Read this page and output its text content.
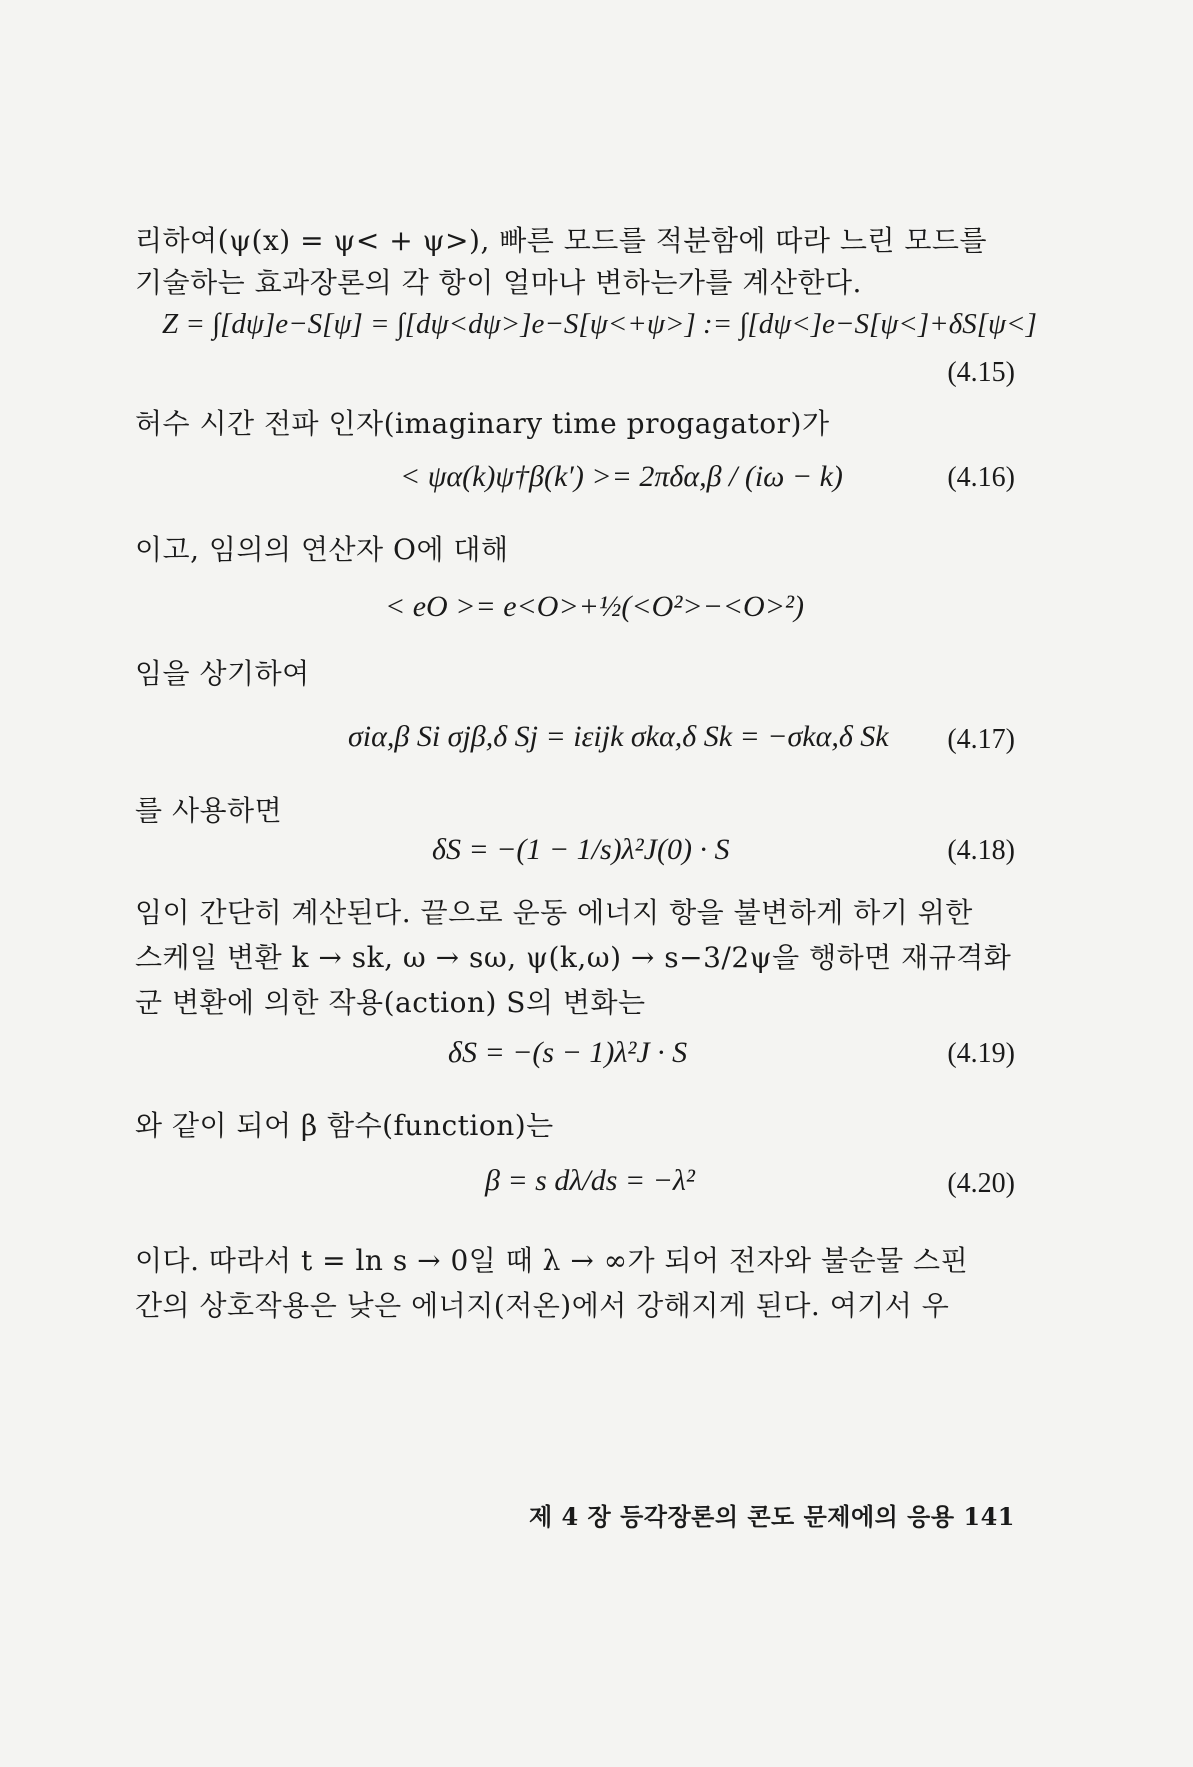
리하여(ψ(x) = ψ< + ψ>), 빠른 모드를 적분함에 따라 느린 모드를
기술하는 효과장론의 각 항이 얼마나 변하는가를 계산한다.
Z = ∫[dψ]e−S[ψ] = ∫[dψ<dψ>]e−S[ψ<+ψ>] := ∫[dψ<]e−S[ψ<]+δS[ψ<]
(4.15)
허수 시간 전파 인자(imaginary time progagator)가
< ψα(k)ψ†β(k′) >= 2πδα,β / (iω − k)	(4.16)
이고, 임의의 연산자 O에 대해
< eO >= e<O>+½(<O²>−<O>²)
임을 상기하여
σiα,β Si σjβ,δ Sj = iεijk σkα,δ Sk = −σkα,δ Sk (4.17)
를 사용하면
δS = −(1 − 1/s)λ²J(0) · S	(4.18)
임이 간단히 계산된다. 끝으로 운동 에너지 항을 불변하게 하기 위한
스케일 변환 k → sk, ω → sω, ψ(k,ω) → s−3/2ψ을 행하면 재규격화
군 변환에 의한 작용(action) S의 변화는
δS = −(s − 1)λ²J · S	(4.19)
와 같이 되어 β 함수(function)는
β = s dλ/ds = −λ²	(4.20)
이다. 따라서 t = ln s → 0일 때 λ → ∞가 되어 전자와 불순물 스핀
간의 상호작용은 낮은 에너지(저온)에서 강해지게 된다. 여기서 우
제 4 장 등각장론의 콘도 문제에의 응용 141
